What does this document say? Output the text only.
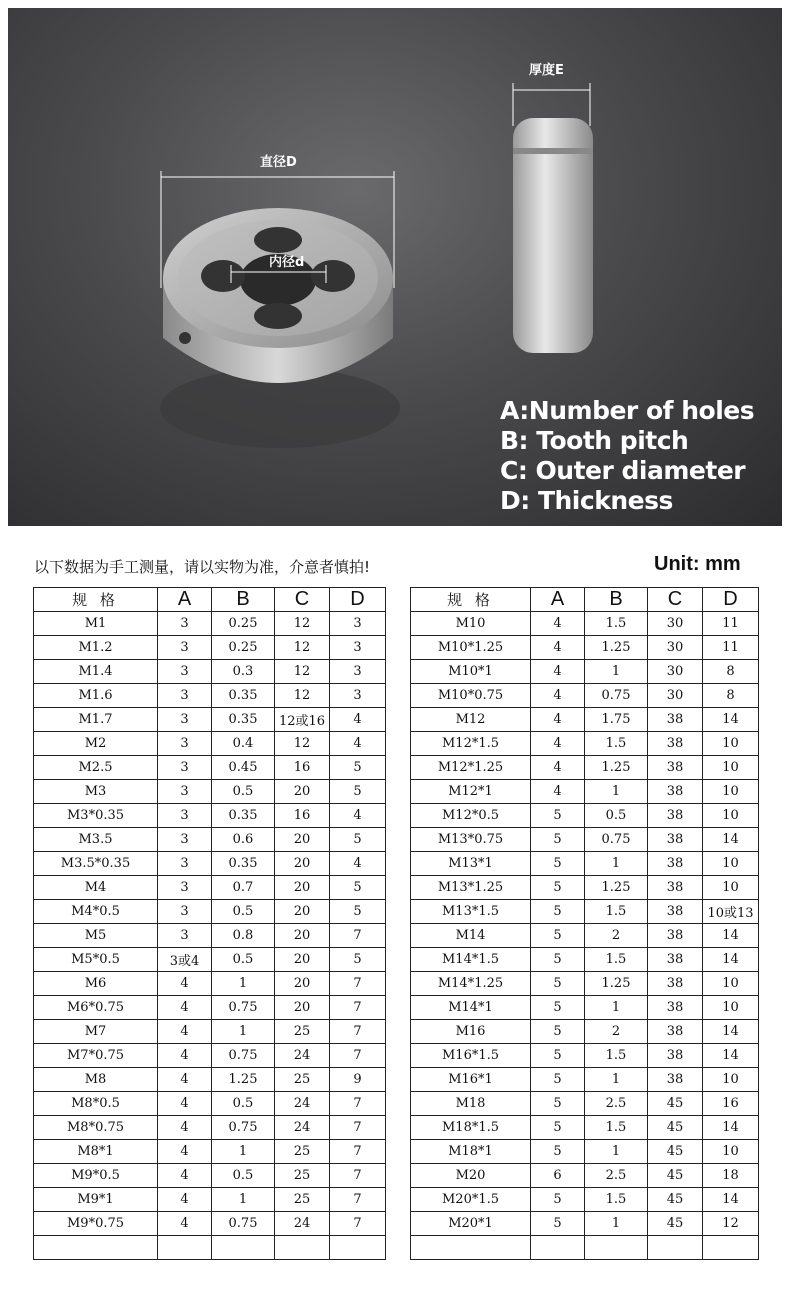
厚度E
直径D
内径d
A:Number of holes
B: Tooth pitch
C: Outer diameter
D: Thickness
以下数据为手工测量，请以实物为准，介意者慎拍!	Unit: mm
规 格	A	B	C	D
M1	3	0.25	12	3
M1.2	3	0.25	12	3
M1.4	3	0.3	12	3
M1.6	3	0.35	12	3
M1.7	3	0.35	12或16	4
M2	3	0.4	12	4
M2.5	3	0.45	16	5
M3	3	0.5	20	5
M3*0.35	3	0.35	16	4
M3.5	3	0.6	20	5
M3.5*0.35	3	0.35	20	4
M4	3	0.7	20	5
M4*0.5	3	0.5	20	5
M5	3	0.8	20	7
M5*0.5	3或4	0.5	20	5
M6	4	1	20	7
M6*0.75	4	0.75	20	7
M7	4	1	25	7
M7*0.75	4	0.75	24	7
M8	4	1.25	25	9
M8*0.5	4	0.5	24	7
M8*0.75	4	0.75	24	7
M8*1	4	1	25	7
M9*0.5	4	0.5	25	7
M9*1	4	1	25	7
M9*0.75	4	0.75	24	7

规 格	A	B	C	D
M10	4	1.5	30	11
M10*1.25	4	1.25	30	11
M10*1	4	1	30	8
M10*0.75	4	0.75	30	8
M12	4	1.75	38	14
M12*1.5	4	1.5	38	10
M12*1.25	4	1.25	38	10
M12*1	4	1	38	10
M12*0.5	5	0.5	38	10
M13*0.75	5	0.75	38	14
M13*1	5	1	38	10
M13*1.25	5	1.25	38	10
M13*1.5	5	1.5	38	10或13
M14	5	2	38	14
M14*1.5	5	1.5	38	14
M14*1.25	5	1.25	38	10
M14*1	5	1	38	10
M16	5	2	38	14
M16*1.5	5	1.5	38	14
M16*1	5	1	38	10
M18	5	2.5	45	16
M18*1.5	5	1.5	45	14
M18*1	5	1	45	10
M20	6	2.5	45	18
M20*1.5	5	1.5	45	14
M20*1	5	1	45	12
